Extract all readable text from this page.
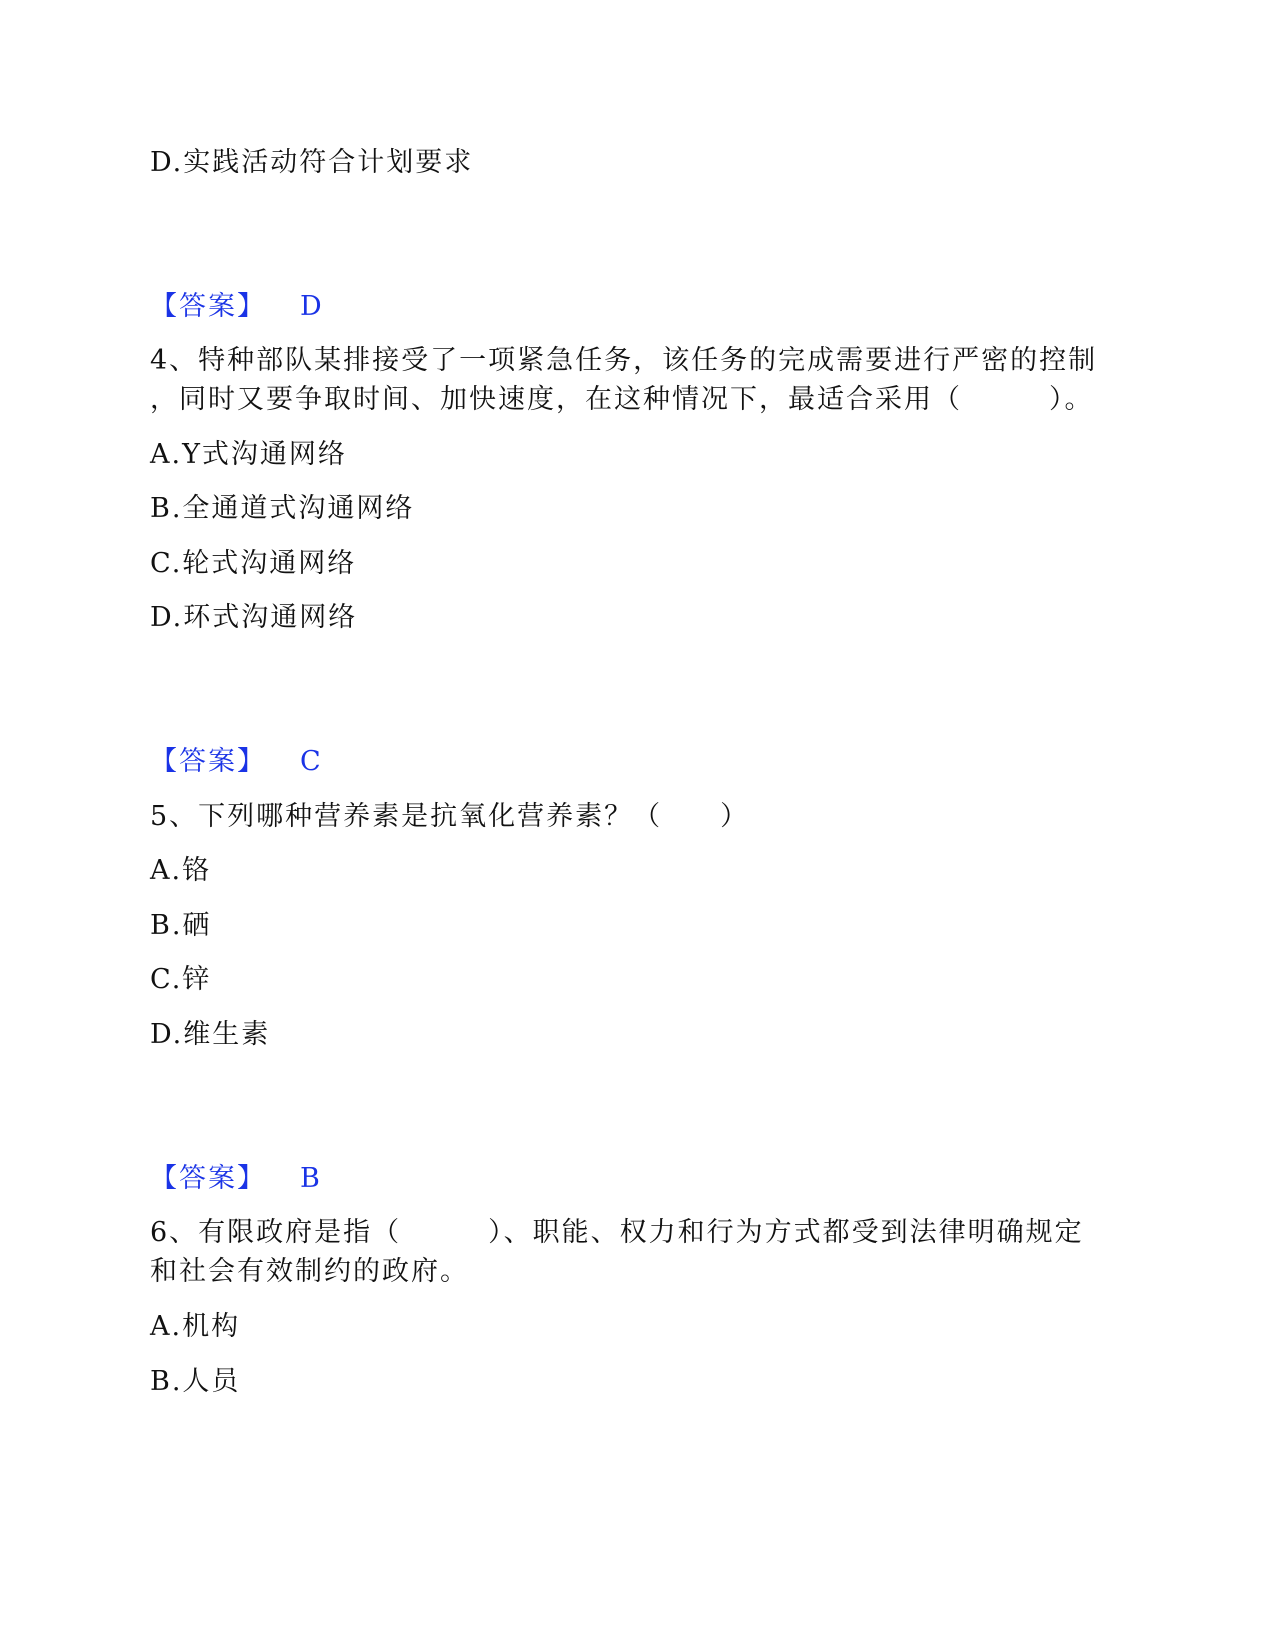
D.实践活动符合计划要求
【答案】 D
4、特种部队某排接受了一项紧急任务，该任务的完成需要进行严密的控制
，同时又要争取时间、加快速度，在这种情况下，最适合采用（　　　）。
A.Y式沟通网络
B.全通道式沟通网络
C.轮式沟通网络
D.环式沟通网络
【答案】 C
5、下列哪种营养素是抗氧化营养素？（　　）
A.铬
B.硒
C.锌
D.维生素
【答案】 B
6、有限政府是指（　　　）、职能、权力和行为方式都受到法律明确规定
和社会有效制约的政府。
A.机构
B.人员
